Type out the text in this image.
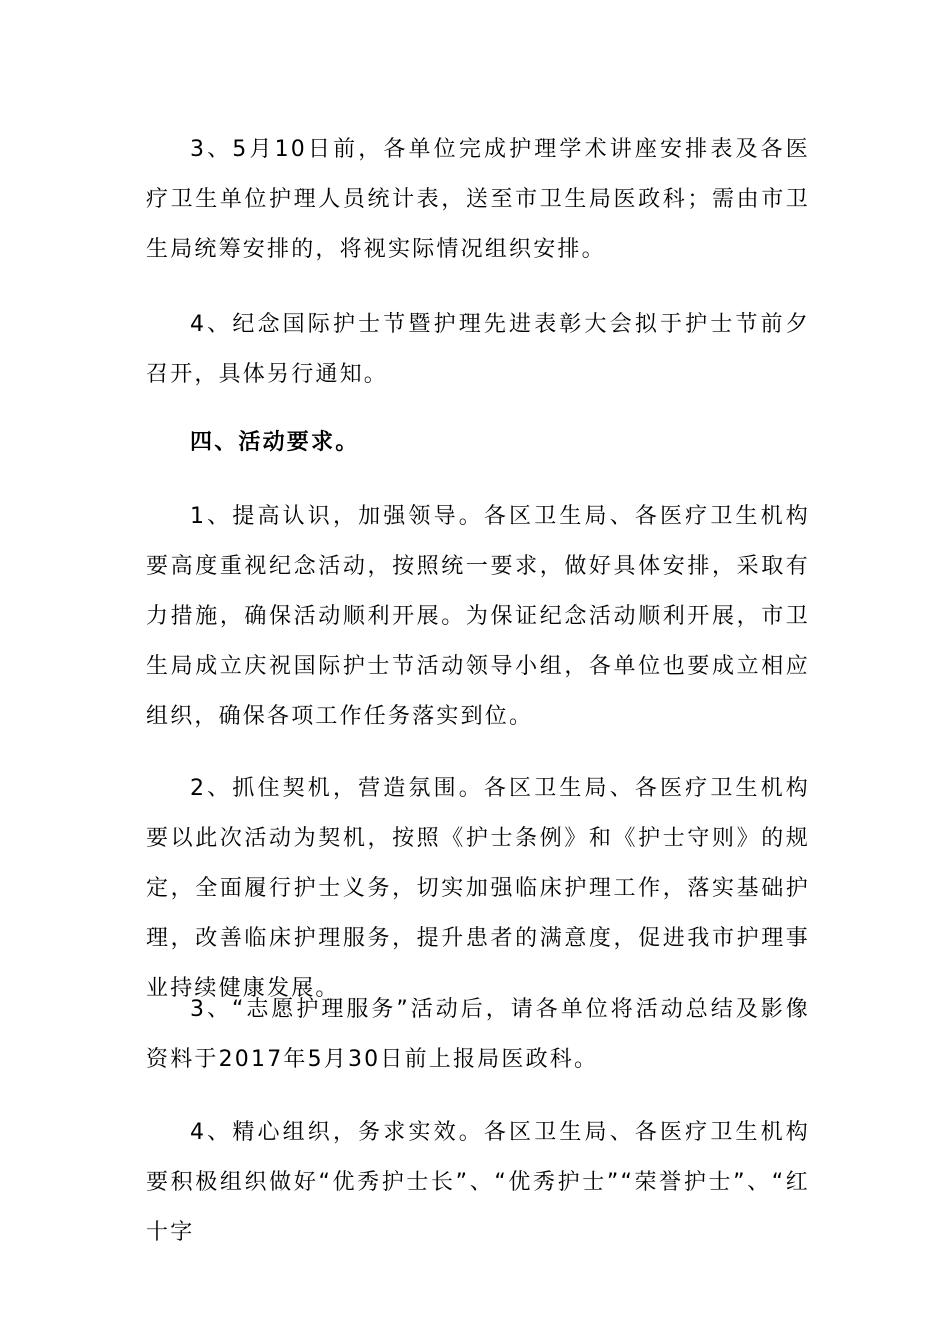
3、5月10日前，各单位完成护理学术讲座安排表及各医疗卫生单位护理人员统计表，送至市卫生局医政科；需由市卫生局统筹安排的，将视实际情况组织安排。

4、纪念国际护士节暨护理先进表彰大会拟于护士节前夕召开，具体另行通知。

四、活动要求。

1、提高认识，加强领导。各区卫生局、各医疗卫生机构要高度重视纪念活动，按照统一要求，做好具体安排，采取有力措施，确保活动顺利开展。为保证纪念活动顺利开展，市卫生局成立庆祝国际护士节活动领导小组，各单位也要成立相应组织，确保各项工作任务落实到位。

2、抓住契机，营造氛围。各区卫生局、各医疗卫生机构要以此次活动为契机，按照《护士条例》和《护士守则》的规定，全面履行护士义务，切实加强临床护理工作，落实基础护理，改善临床护理服务，提升患者的满意度，促进我市护理事业持续健康发展。

3、“志愿护理服务”活动后，请各单位将活动总结及影像资料于2017年5月30日前上报局医政科。

4、精心组织，务求实效。各区卫生局、各医疗卫生机构要积极组织做好“优秀护士长”、“优秀护士”“荣誉护士”、“红十字
